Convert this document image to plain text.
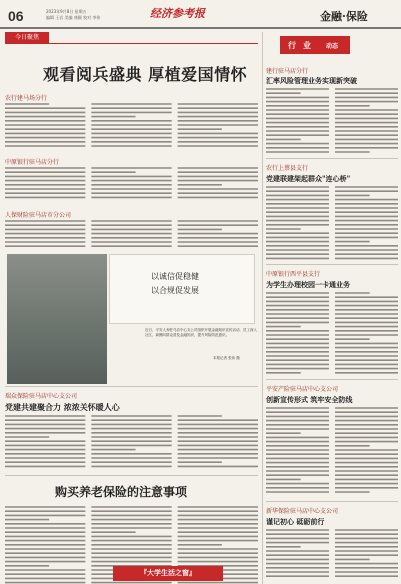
06	2023年9月8日 星期五
编辑 王岩 美编 康颖 校对 李伟	经济参考报	金融·保险
今日聚焦
观看阅兵盛典 厚植爱国情怀
农行建马场分行
中原银行驻马店分行
人保财险驻马店市分公司
以诚信促稳健
以合规促发展
近日，平安人寿驻马店中心支公司组织开展金融知识宣传活动，员工深入社区、商圈向群众普及金融知识，提升风险防范意识。
本报记者 张伟 摄
瑞众保险驻马店中心支公司
党建共建聚合力 浓浓关怀暖人心
购买养老保险的注意事项
『大学生活之窗』
行 业	动态
建行驻马店分行
汇率风险管理业务实现新突破
农行上蔡县支行
党建联建架起群众"连心桥"
中原银行西平县支行
为学生办理校园一卡通业务
平安产险驻马店中心支公司
创新宣传形式 筑牢安全防线
新华保险驻马店中心支公司
谨记初心 砥砺前行
